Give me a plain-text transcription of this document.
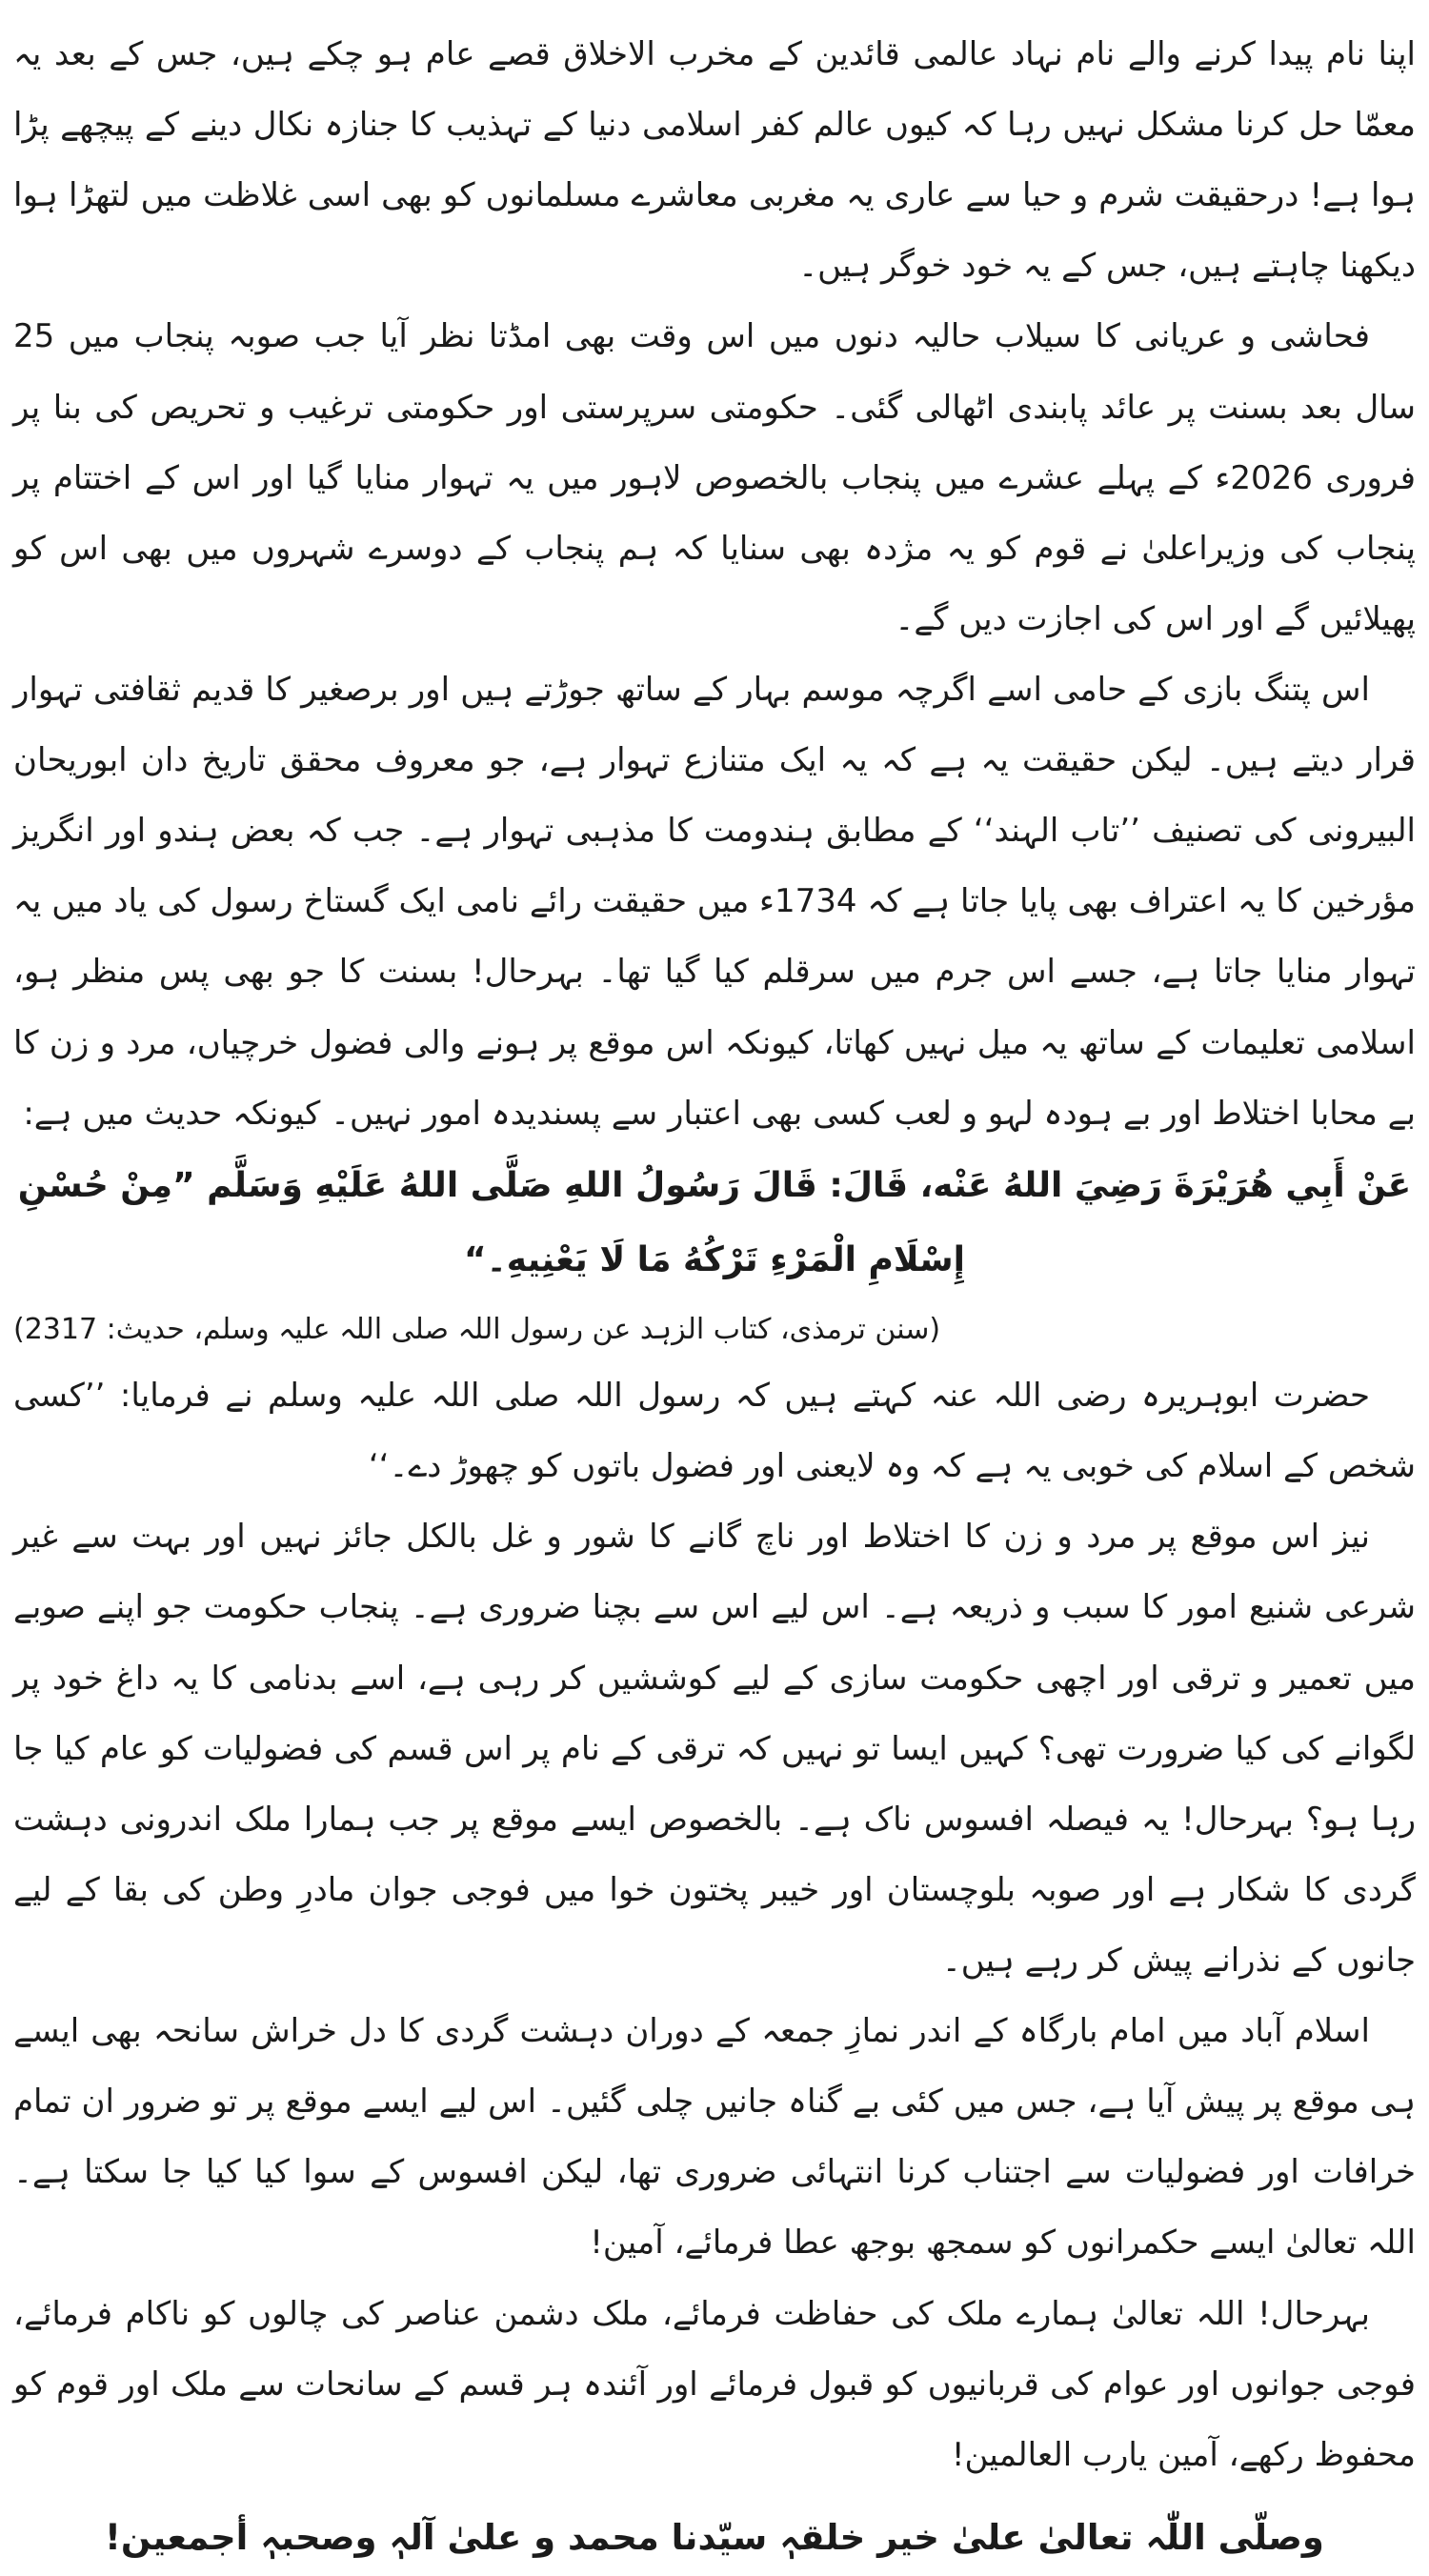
اپنا نام پیدا کرنے والے نام نہاد عالمی قائدین کے مخرب الاخلاق قصے عام ہو چکے ہیں، جس کے بعد یہ معمّا حل کرنا مشکل نہیں رہا کہ کیوں عالم کفر اسلامی دنیا کے تہذیب کا جنازہ نکال دینے کے پیچھے پڑا ہوا ہے! درحقیقت شرم و حیا سے عاری یہ مغربی معاشرے مسلمانوں کو بھی اسی غلاظت میں لتھڑا ہوا دیکھنا چاہتے ہیں، جس کے یہ خود خوگر ہیں۔

فحاشی و عریانی کا سیلاب حالیہ دنوں میں اس وقت بھی امڈتا نظر آیا جب صوبہ پنجاب میں 25 سال بعد بسنت پر عائد پابندی اٹھالی گئی۔ حکومتی سرپرستی اور حکومتی ترغیب و تحریص کی بنا پر فروری 2026ء کے پہلے عشرے میں پنجاب بالخصوص لاہور میں یہ تہوار منایا گیا اور اس کے اختتام پر پنجاب کی وزیراعلیٰ نے قوم کو یہ مژدہ بھی سنایا کہ ہم پنجاب کے دوسرے شہروں میں بھی اس کو پھیلائیں گے اور اس کی اجازت دیں گے۔

اس پتنگ بازی کے حامی اسے اگرچہ موسم بہار کے ساتھ جوڑتے ہیں اور برصغیر کا قدیم ثقافتی تہوار قرار دیتے ہیں۔ لیکن حقیقت یہ ہے کہ یہ ایک متنازع تہوار ہے، جو معروف محقق تاریخ دان ابوریحان البیرونی کی تصنیف ’’تاب الہند‘‘ کے مطابق ہندومت کا مذہبی تہوار ہے۔ جب کہ بعض ہندو اور انگریز مؤرخین کا یہ اعتراف بھی پایا جاتا ہے کہ 1734ء میں حقیقت رائے نامی ایک گستاخ رسول کی یاد میں یہ تہوار منایا جاتا ہے، جسے اس جرم میں سرقلم کیا گیا تھا۔ بہرحال! بسنت کا جو بھی پس منظر ہو، اسلامی تعلیمات کے ساتھ یہ میل نہیں کھاتا، کیونکہ اس موقع پر ہونے والی فضول خرچیاں، مرد و زن کا بے محابا اختلاط اور بے ہودہ لہو و لعب کسی بھی اعتبار سے پسندیدہ امور نہیں۔ کیونکہ حدیث میں ہے:

عَنْ أَبِي هُرَيْرَةَ رَضِيَ اللهُ عَنْه، قَالَ: قَالَ رَسُولُ اللهِ صَلَّى اللهُ عَلَيْهِ وَسَلَّم ”مِنْ حُسْنِ إِسْلَامِ الْمَرْءِ تَرْكُهُ مَا لَا يَعْنِيهِ۔“

(سنن ترمذی، کتاب الزہد عن رسول اللہ صلی اللہ علیہ وسلم، حدیث: 2317)

حضرت ابوہریرہ رضی اللہ عنہ کہتے ہیں کہ رسول اللہ صلی اللہ علیہ وسلم نے فرمایا: ’’کسی شخص کے اسلام کی خوبی یہ ہے کہ وہ لایعنی اور فضول باتوں کو چھوڑ دے۔‘‘

نیز اس موقع پر مرد و زن کا اختلاط اور ناچ گانے کا شور و غل بالکل جائز نہیں اور بہت سے غیر شرعی شنیع امور کا سبب و ذریعہ ہے۔ اس لیے اس سے بچنا ضروری ہے۔ پنجاب حکومت جو اپنے صوبے میں تعمیر و ترقی اور اچھی حکومت سازی کے لیے کوششیں کر رہی ہے، اسے بدنامی کا یہ داغ خود پر لگوانے کی کیا ضرورت تھی؟ کہیں ایسا تو نہیں کہ ترقی کے نام پر اس قسم کی فضولیات کو عام کیا جا رہا ہو؟ بہرحال! یہ فیصلہ افسوس ناک ہے۔ بالخصوص ایسے موقع پر جب ہمارا ملک اندرونی دہشت گردی کا شکار ہے اور صوبہ بلوچستان اور خیبر پختون خوا میں فوجی جوان مادرِ وطن کی بقا کے لیے جانوں کے نذرانے پیش کر رہے ہیں۔

اسلام آباد میں امام بارگاہ کے اندر نمازِ جمعہ کے دوران دہشت گردی کا دل خراش سانحہ بھی ایسے ہی موقع پر پیش آیا ہے، جس میں کئی بے گناہ جانیں چلی گئیں۔ اس لیے ایسے موقع پر تو ضرور ان تمام خرافات اور فضولیات سے اجتناب کرنا انتہائی ضروری تھا، لیکن افسوس کے سوا کیا کیا جا سکتا ہے۔ اللہ تعالیٰ ایسے حکمرانوں کو سمجھ بوجھ عطا فرمائے، آمین!

بہرحال! اللہ تعالیٰ ہمارے ملک کی حفاظت فرمائے، ملک دشمن عناصر کی چالوں کو ناکام فرمائے، فوجی جوانوں اور عوام کی قربانیوں کو قبول فرمائے اور آئندہ ہر قسم کے سانحات سے ملک اور قوم کو محفوظ رکھے، آمین یارب العالمین!

وصلّی اللّٰہ تعالیٰ علیٰ خیر خلقہٖ سیّدنا محمد و علیٰ آلہٖ وصحبہٖ أجمعین!
